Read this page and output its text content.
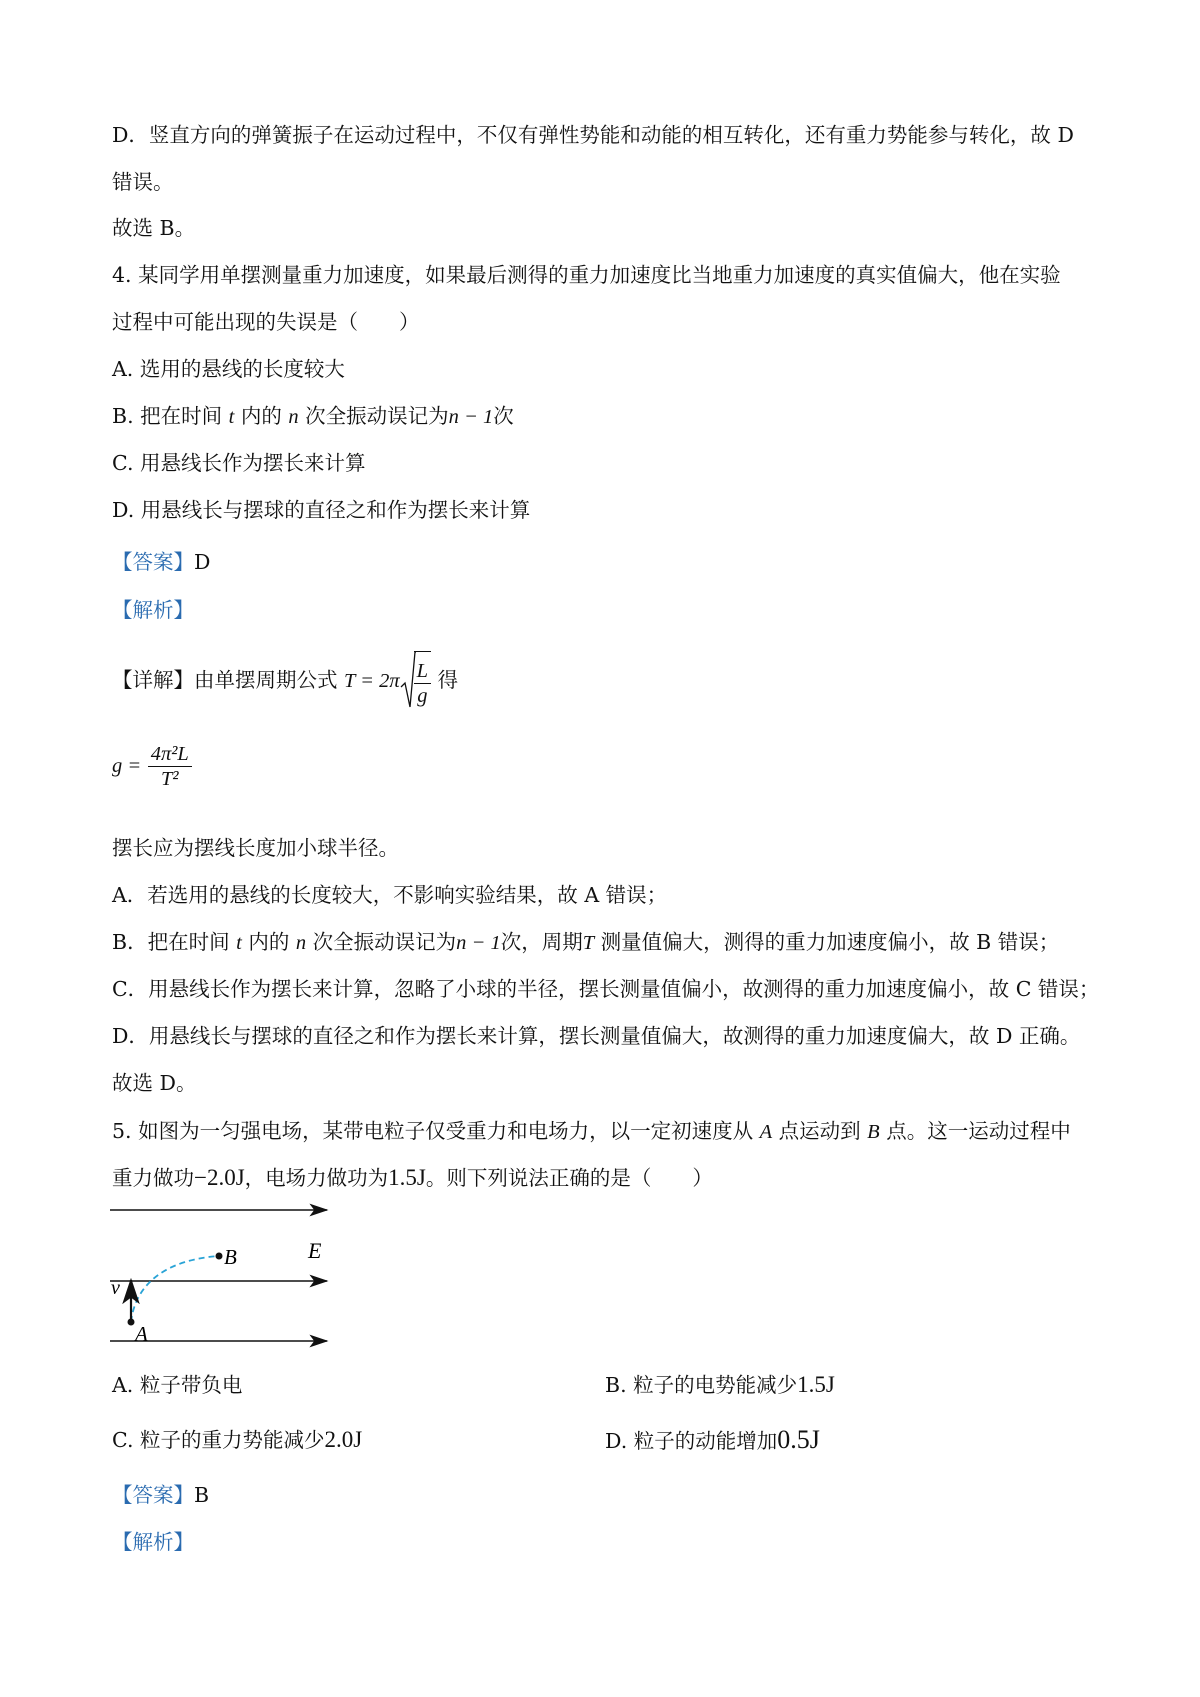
D．竖直方向的弹簧振子在运动过程中，不仅有弹性势能和动能的相互转化，还有重力势能参与转化，故 D
错误。
故选 B。
4. 某同学用单摆测量重力加速度，如果最后测得的重力加速度比当地重力加速度的真实值偏大，他在实验
过程中可能出现的失误是（　　）
A. 选用的悬线的长度较大
B. 把在时间 t 内的 n 次全振动误记为n − 1次
C. 用悬线长作为摆长来计算
D. 用悬线长与摆球的直径之和作为摆长来计算
【答案】D
【解析】
【详解】由单摆周期公式 $T = 2\pi \frac{L}{g}$ 得
$g = \frac{\text{4π²L}}{\text{T²}}$
摆长应为摆线长度加小球半径。
A．若选用的悬线的长度较大，不影响实验结果，故 A 错误；
B．把在时间 t 内的 n 次全振动误记为n − 1次，周期T 测量值偏大，测得的重力加速度偏小，故 B 错误；
C．用悬线长作为摆长来计算，忽略了小球的半径，摆长测量值偏小，故测得的重力加速度偏小，故 C 错误；
D．用悬线长与摆球的直径之和作为摆长来计算，摆长测量值偏大，故测得的重力加速度偏大，故 D 正确。
故选 D。
5. 如图为一匀强电场，某带电粒子仅受重力和电场力，以一定初速度从 A 点运动到 B 点。这一运动过程中
重力做功−2.0J，电场力做功为1.5J。则下列说法正确的是（　　）
A
B	E
v
A. 粒子带负电	B. 粒子的电势能减少1.5J
C. 粒子的重力势能减少2.0J	D. 粒子的动能增加0.5J
【答案】B
【解析】
